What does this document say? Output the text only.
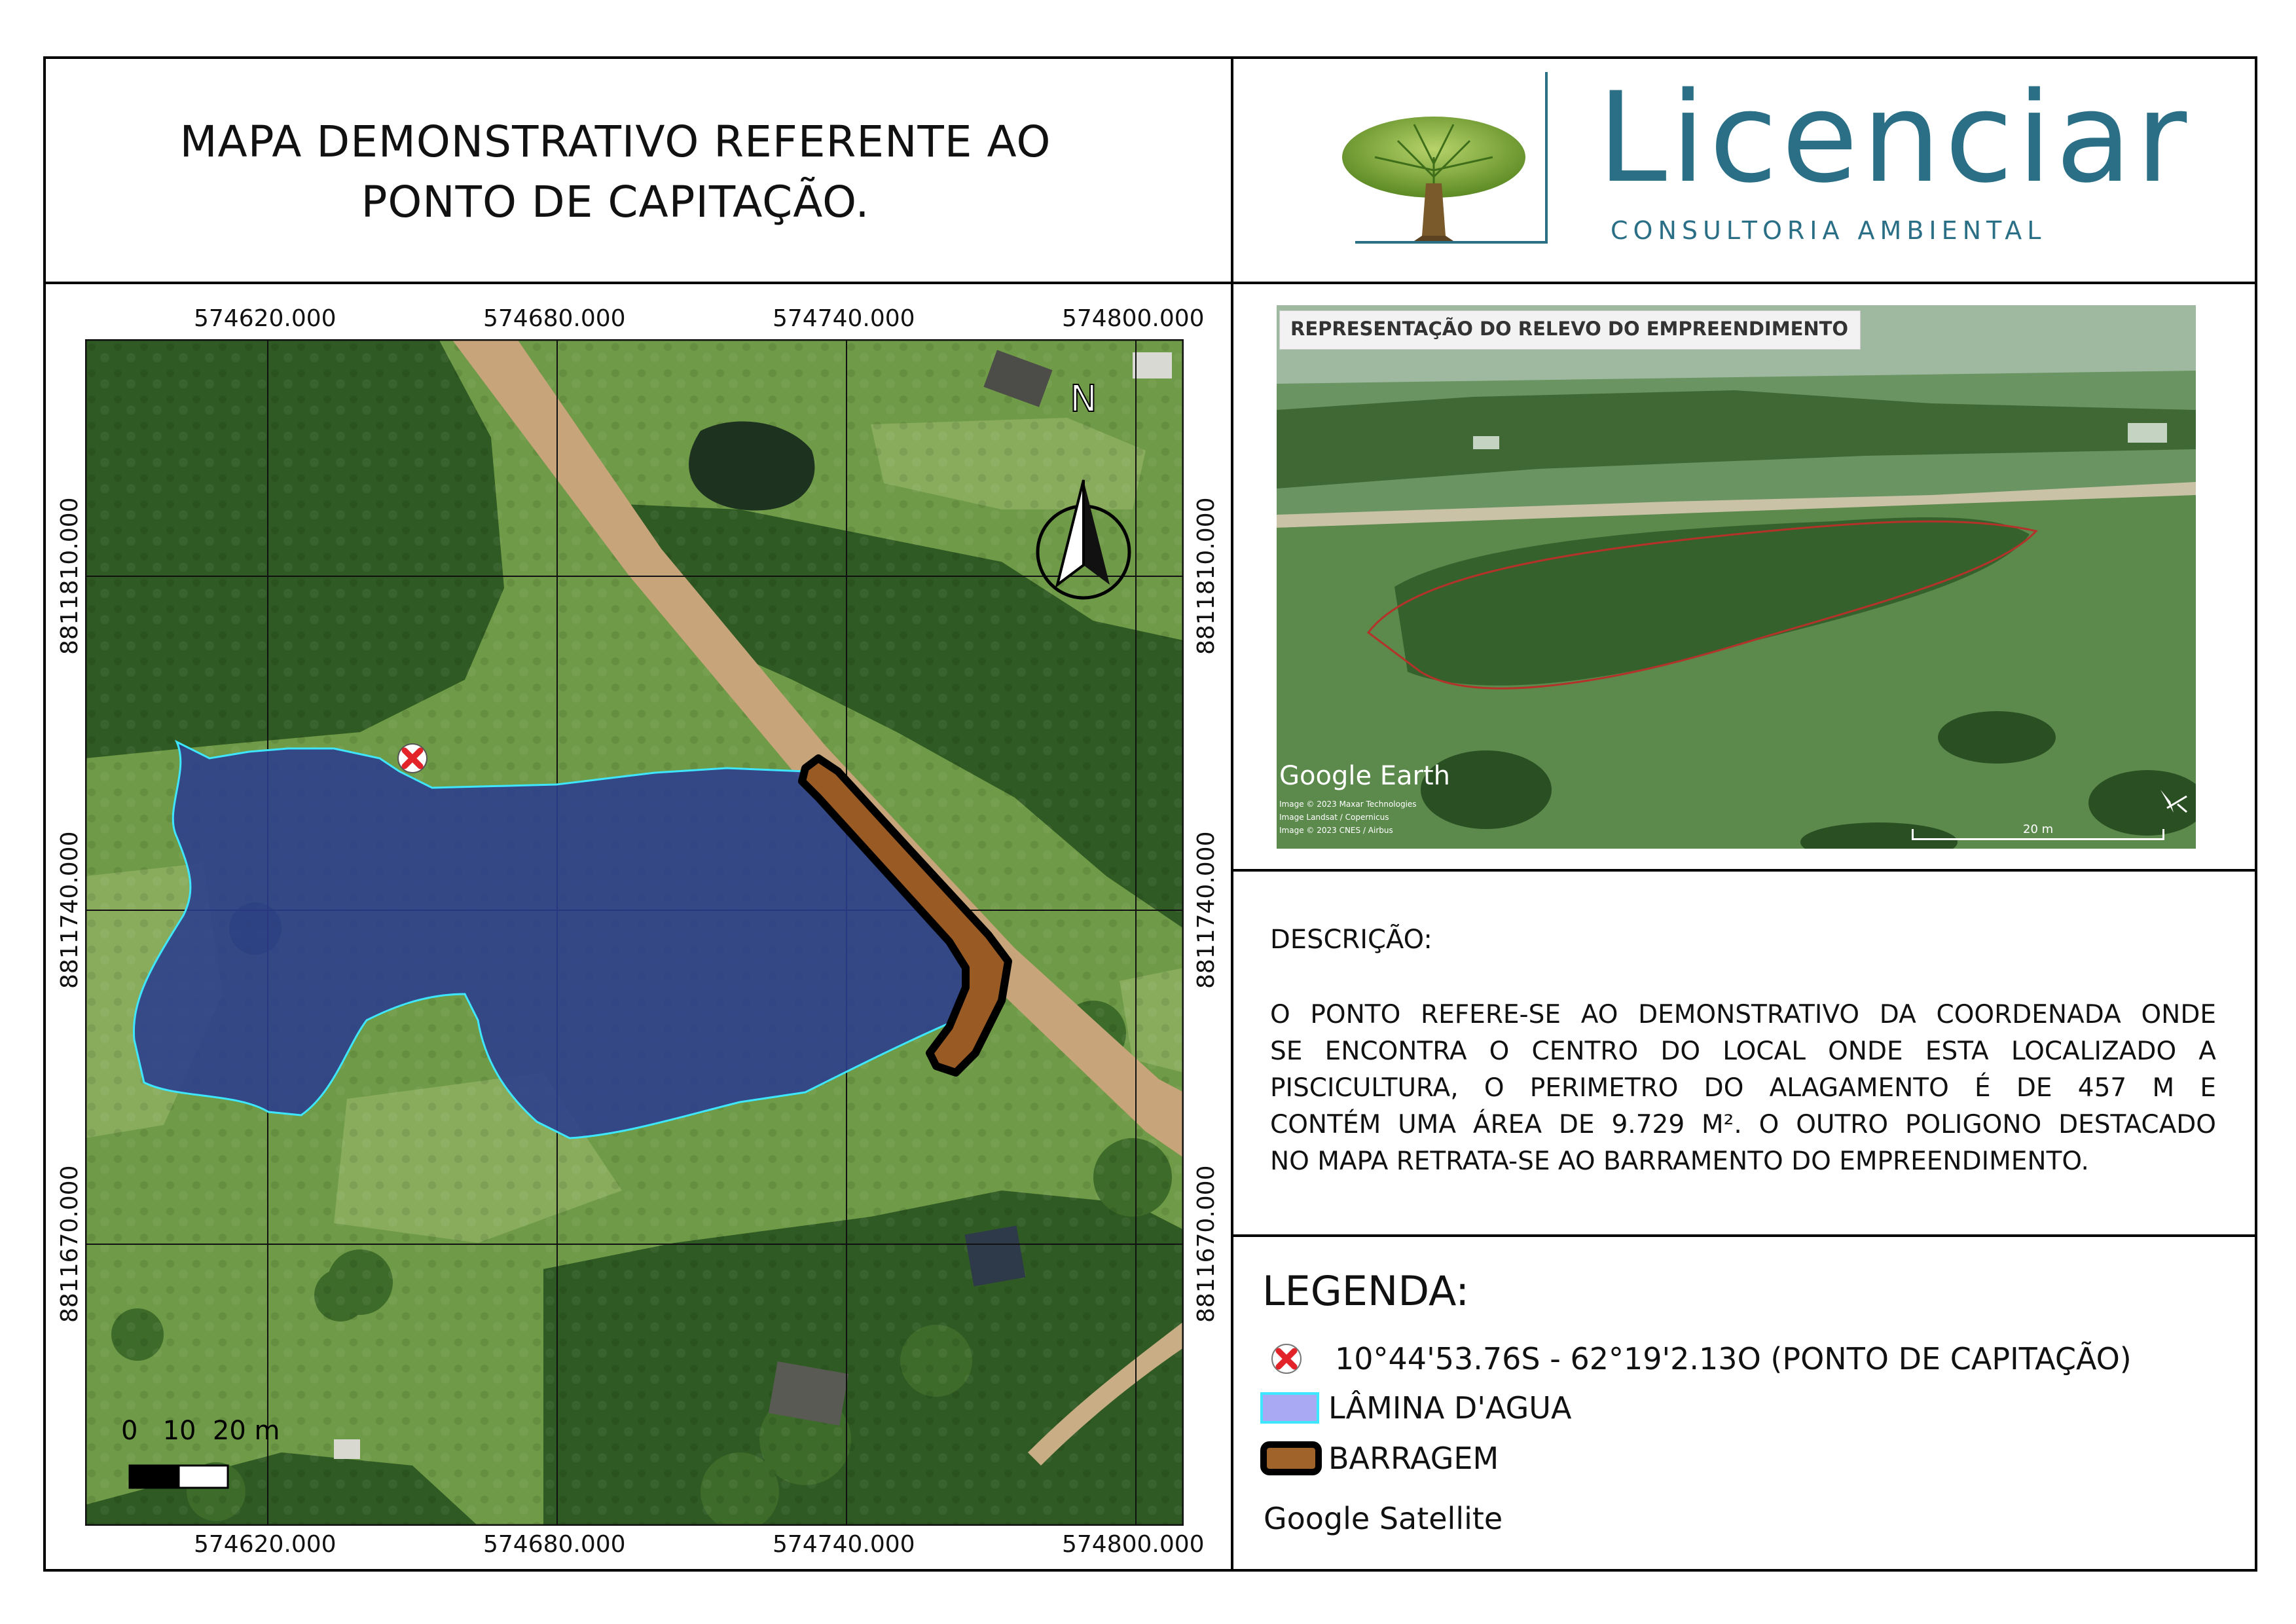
MAPA DEMONSTRATIVO REFERENTE AO
PONTO DE CAPITAÇÃO.	Licenciar
CONSULTORIA AMBIENTAL
574620.000	574680.000	574740.000	574800.000
574620.000	574680.000	574740.000	574800.000
8811810.000
8811740.000
8811670.000
8811810.000
8811740.000
8811670.000
N
0   10  20 m
REPRESENTAÇÃO DO RELEVO DO EMPREENDIMENTO
Google Earth
Image © 2023 Maxar Technologies
Image Landsat / Copernicus
Image © 2023 CNES / Airbus	20 m
DESCRIÇÃO:
O PONTO REFERE-SE AO DEMONSTRATIVO DA COORDENADA ONDE
SE ENCONTRA O CENTRO DO LOCAL ONDE ESTA LOCALIZADO A
PISCICULTURA, O PERIMETRO DO ALAGAMENTO É DE 457 M E
CONTÉM UMA ÁREA DE 9.729 M². O OUTRO POLIGONO DESTACADO
NO MAPA RETRATA-SE AO BARRAMENTO DO EMPREENDIMENTO.
LEGENDA:
10°44'53.76S - 62°19'2.13O (PONTO DE CAPITAÇÃO)
LÂMINA D'AGUA
BARRAGEM
Google Satellite
